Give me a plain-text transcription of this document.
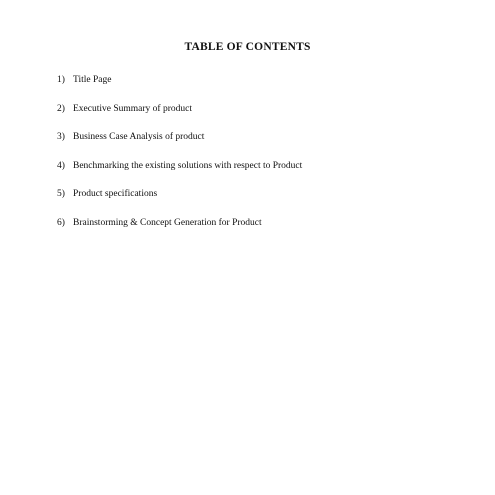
TABLE OF CONTENTS
1) Title Page
2) Executive Summary of product
3) Business Case Analysis of product
4) Benchmarking the existing solutions with respect to Product
5) Product specifications
6) Brainstorming & Concept Generation for Product
